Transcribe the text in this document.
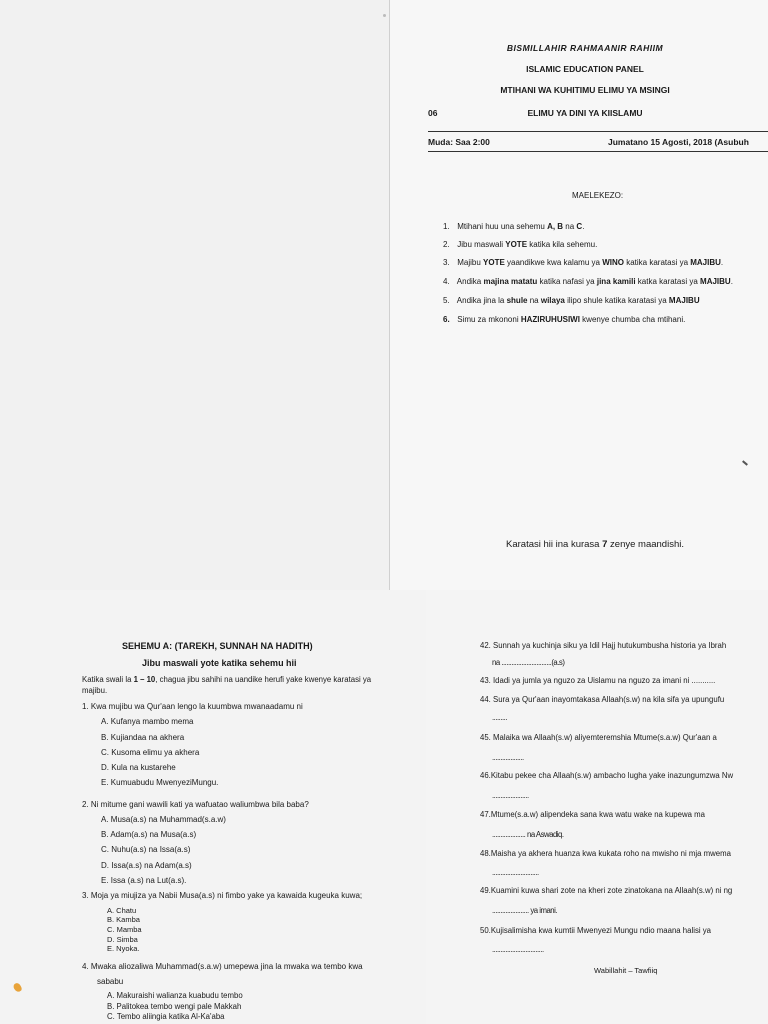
BISMILLAHIR RAHMAANIR RAHIIM
ISLAMIC EDUCATION PANEL
MTIHANI WA KUHITIMU ELIMU YA MSINGI
06	ELIMU YA DINI YA KIISLAMU
Muda: Saa 2:00	Jumatano 15 Agosti, 2018 (Asubuh
MAELEKEZO:
1. Mtihani huu una sehemu A, B na C.
2. Jibu maswali YOTE katika kila sehemu.
3. Majibu YOTE yaandikwe kwa kalamu ya WINO katika karatasi ya MAJIBU.
4. Andika majina matatu katika nafasi ya jina kamili katka karatasi ya MAJIBU.
5. Andika jina la shule na wilaya ilipo shule katika karatasi ya MAJIBU
6. Simu za mkononi HAZIRUHUSIWI kwenye chumba cha mtihani.
Karatasi hii ina kurasa 7 zenye maandishi.
SEHEMU A: (TAREKH, SUNNAH NA HADITH)
Jibu maswali yote katika sehemu hii
Katika swali la 1 – 10, chagua jibu sahihi na uandike herufi yake kwenye karatasi ya
majibu.
1. Kwa mujibu wa Qur'aan lengo la kuumbwa mwanaadamu ni
A. Kufanya mambo mema
B. Kujiandaa na akhera
C. Kusoma elimu ya akhera
D. Kula na kustarehe
E. Kumuabudu MwenyeziMungu.
2. Ni mitume gani wawili kati ya wafuatao waliumbwa bila baba?
A. Musa(a.s) na Muhammad(s.a.w)
B. Adam(a.s) na Musa(a.s)
C. Nuhu(a.s) na Issa(a.s)
D. Issa(a.s) na Adam(a.s)
E. Issa (a.s) na Lut(a.s).
3. Moja ya miujiza ya Nabii Musa(a.s) ni fimbo yake ya kawaida kugeuka kuwa;
A. Chatu
B. Kamba
C. Mamba
D. Simba
E. Nyoka.
4. Mwaka aliozaliwa Muhammad(s.a.w) umepewa jina la mwaka wa tembo kwa
sababu
A. Makuraishi walianza kuabudu tembo
B. Palitokea tembo wengi pale Makkah
C. Tembo aliingia katika Al-Ka'aba
42. Sunnah ya kuchinja siku ya Idil Hajj hutukumbusha historia ya Ibrah
na ..............................(a.s)
43. Idadi ya jumla ya nguzo za Uislamu na nguzo za imani ni ...........
44. Sura ya Qur'aan inayomtakasa Allaah(s.w) na kila sifa ya upungufu
.........
45. Malaika wa Allaah(s.w) aliyemteremshia Mtume(s.a.w) Qur'aan a
...................
46.Kitabu pekee cha Allaah(s.w) ambacho lugha yake inazungumzwa Nw
......................
47.Mtume(s.a.w) alipendeka sana kwa watu wake na kupewa ma
.................... na Aswadiq.
48.Maisha ya akhera huanza kwa kukata roho na mwisho ni mja mwema
............................
49.Kuamini kuwa shari zote na kheri zote zinatokana na Allaah(s.w) ni ng
...................... ya imani.
50.Kujisalimisha kwa kumtii Mwenyezi Mungu ndio maana halisi ya
...............................
Wabillahit – Tawfiiq
